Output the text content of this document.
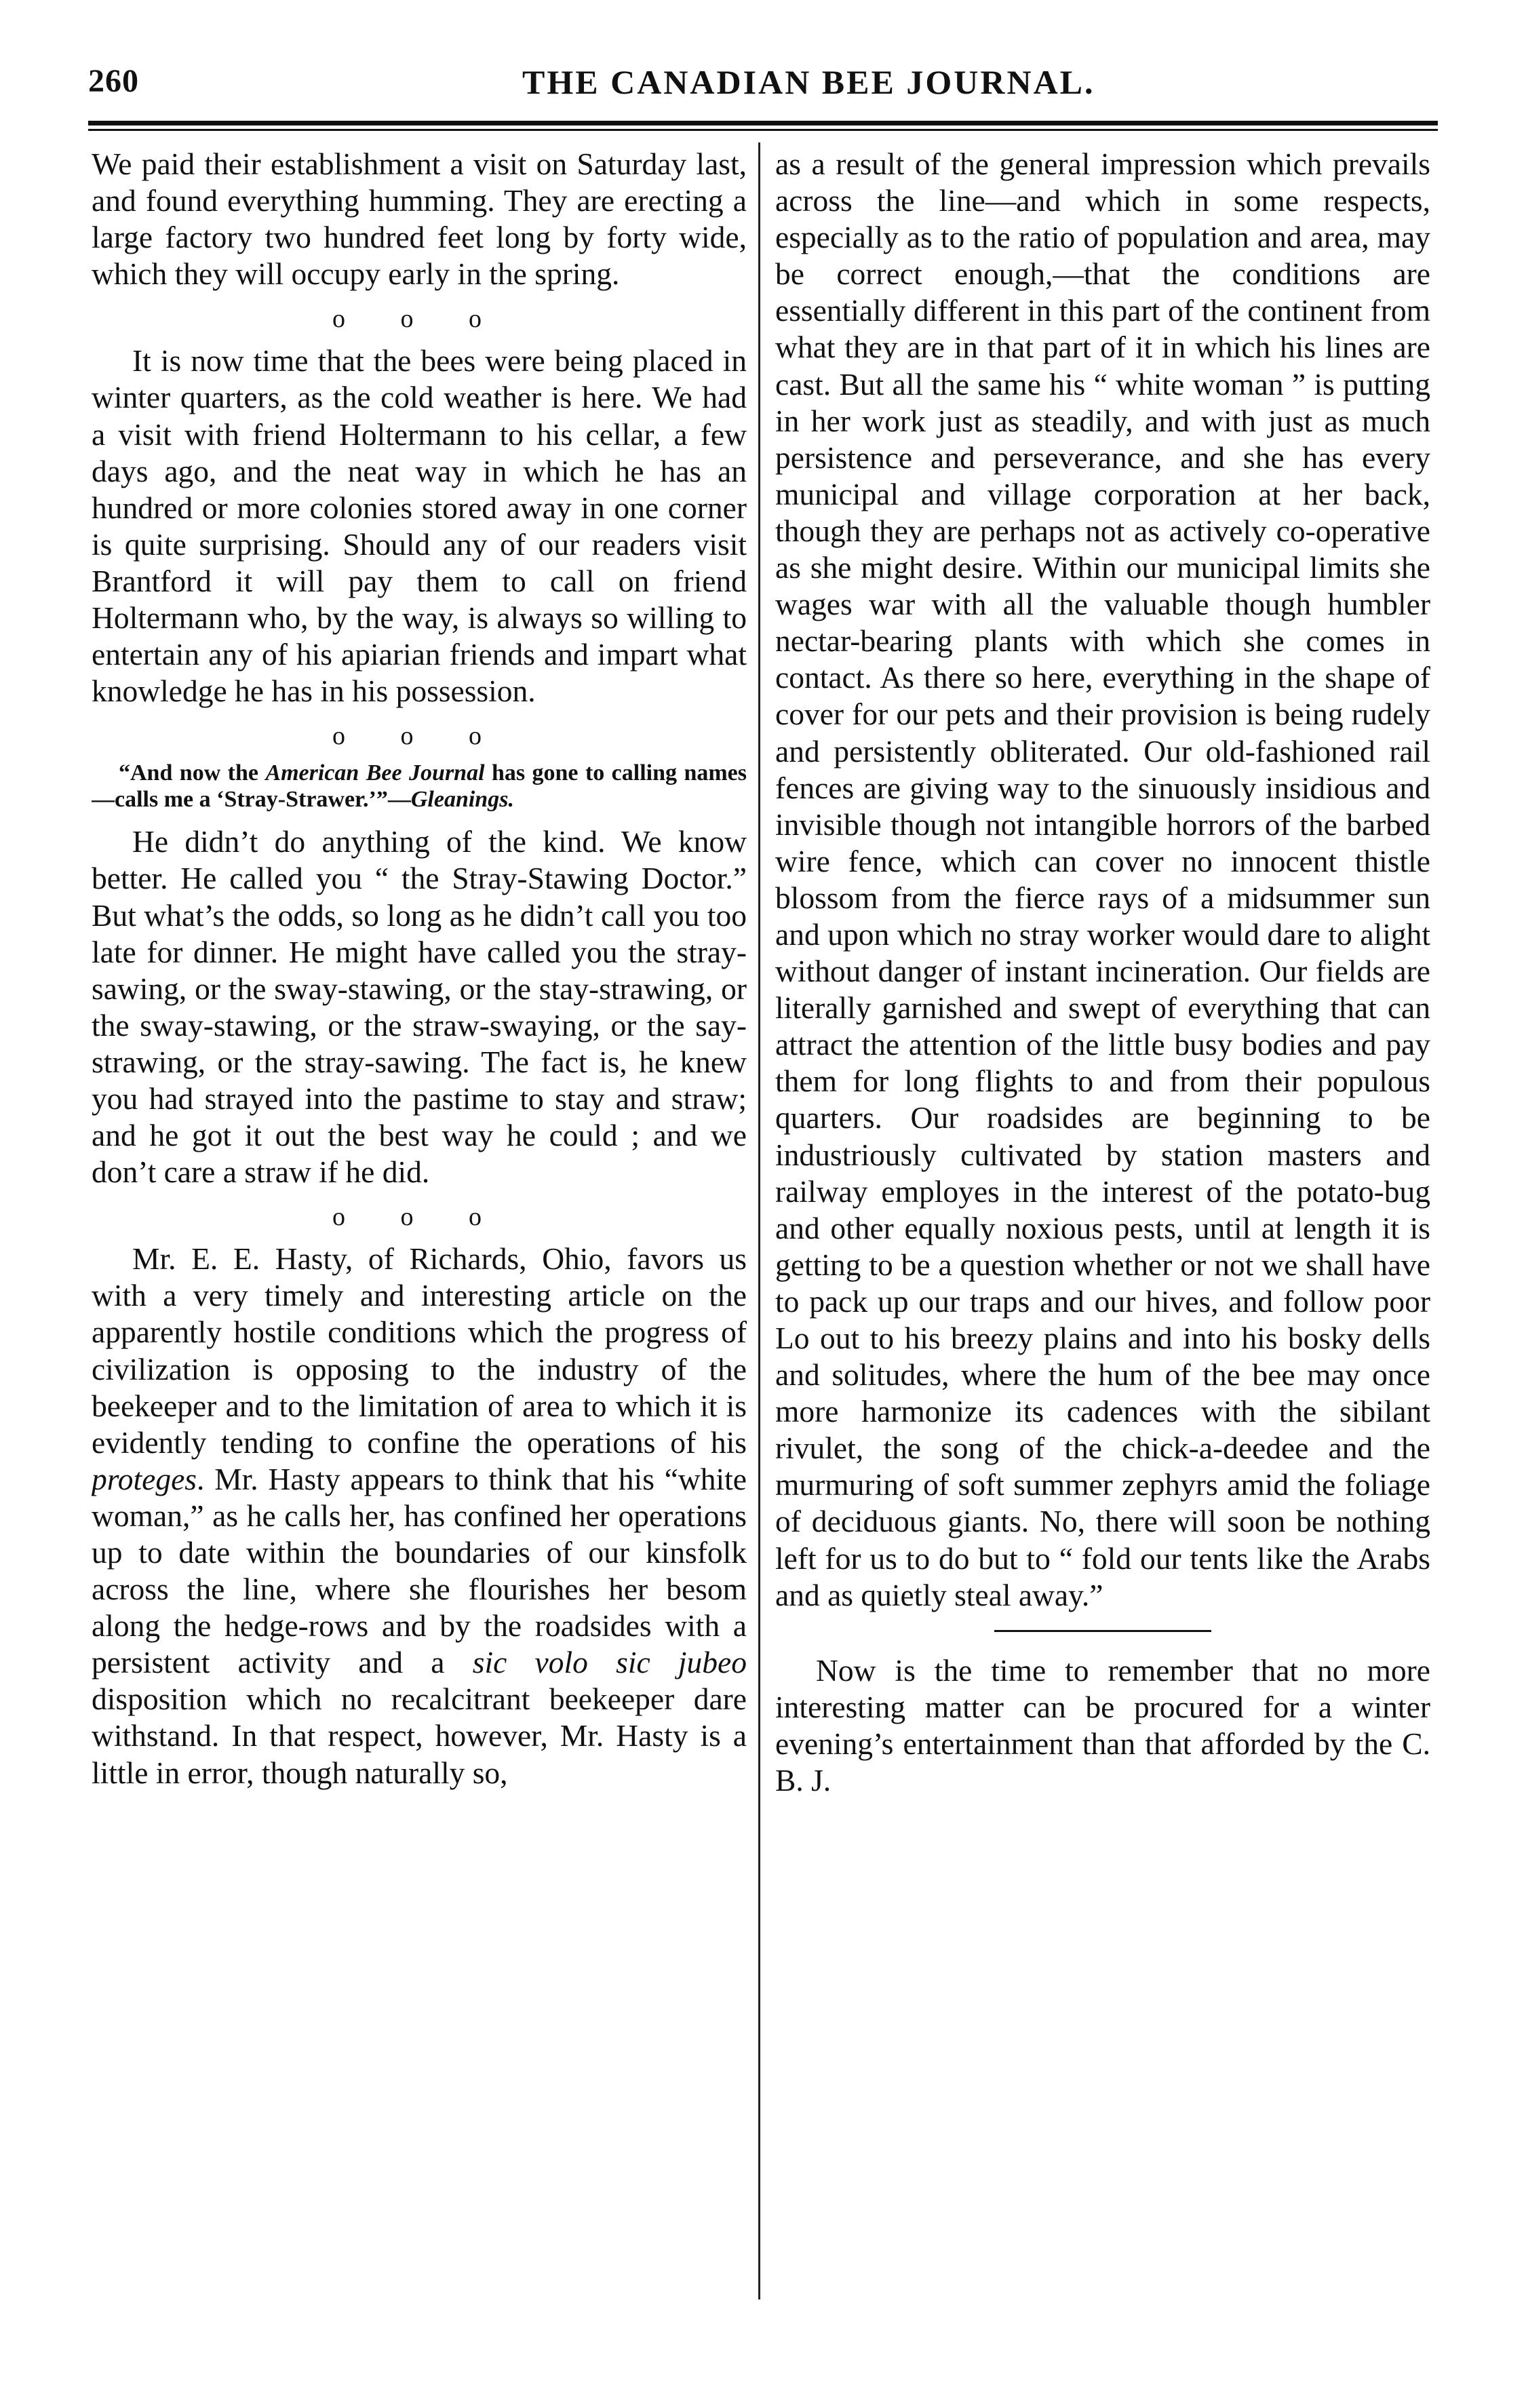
260	THE CANADIAN BEE JOURNAL.

We paid their establishment a visit on Saturday last, and found everything humming. They are erecting a large factory two hundred feet long by forty wide, which they will occupy early in the spring.

o o o

It is now time that the bees were being placed in winter quarters, as the cold weather is here. We had a visit with friend Holtermann to his cellar, a few days ago, and the neat way in which he has an hundred or more colonies stored away in one corner is quite surprising. Should any of our readers visit Brantford it will pay them to call on friend Holtermann who, by the way, is always so willing to entertain any of his apiarian friends and impart what knowledge he has in his possession.

o o o

“And now the American Bee Journal has gone to calling names—calls me a ‘Stray-Strawer.’”—Gleanings.

He didn’t do anything of the kind. We know better. He called you “ the Stray-Stawing Doctor.” But what’s the odds, so long as he didn’t call you too late for dinner. He might have called you the stray-sawing, or the sway-stawing, or the stay-strawing, or the sway-stawing, or the straw-swaying, or the say-strawing, or the stray-sawing. The fact is, he knew you had strayed into the pastime to stay and straw; and he got it out the best way he could ; and we don’t care a straw if he did.

o o o

Mr. E. E. Hasty, of Richards, Ohio, favors us with a very timely and interesting article on the apparently hostile conditions which the progress of civilization is opposing to the industry of the beekeeper and to the limitation of area to which it is evidently tending to confine the operations of his proteges. Mr. Hasty appears to think that his “white woman,” as he calls her, has confined her operations up to date within the boundaries of our kinsfolk across the line, where she flourishes her besom along the hedge-rows and by the roadsides with a persistent activity and a sic volo sic jubeo disposition which no recalcitrant beekeeper dare withstand. In that respect, however, Mr. Hasty is a little in error, though naturally so,

as a result of the general impression which prevails across the line—and which in some respects, especially as to the ratio of population and area, may be correct enough,—that the conditions are essentially different in this part of the continent from what they are in that part of it in which his lines are cast. But all the same his “ white woman ” is putting in her work just as steadily, and with just as much persistence and perseverance, and she has every municipal and village corporation at her back, though they are perhaps not as actively co-operative as she might desire. Within our municipal limits she wages war with all the valuable though humbler nectar-bearing plants with which she comes in contact. As there so here, everything in the shape of cover for our pets and their provision is being rudely and persistently obliterated. Our old-fashioned rail fences are giving way to the sinuously insidious and invisible though not intangible horrors of the barbed wire fence, which can cover no innocent thistle blossom from the fierce rays of a midsummer sun and upon which no stray worker would dare to alight without danger of instant incineration. Our fields are literally garnished and swept of everything that can attract the attention of the little busy bodies and pay them for long flights to and from their populous quarters. Our roadsides are beginning to be industriously cultivated by station masters and railway employes in the interest of the potato-bug and other equally noxious pests, until at length it is getting to be a question whether or not we shall have to pack up our traps and our hives, and follow poor Lo out to his breezy plains and into his bosky dells and solitudes, where the hum of the bee may once more harmonize its cadences with the sibilant rivulet, the song of the chick-a-deedee and the murmuring of soft summer zephyrs amid the foliage of deciduous giants. No, there will soon be nothing left for us to do but to “ fold our tents like the Arabs and as quietly steal away.”

Now is the time to remember that no more interesting matter can be procured for a winter evening’s entertainment than that afforded by the C. B. J.
